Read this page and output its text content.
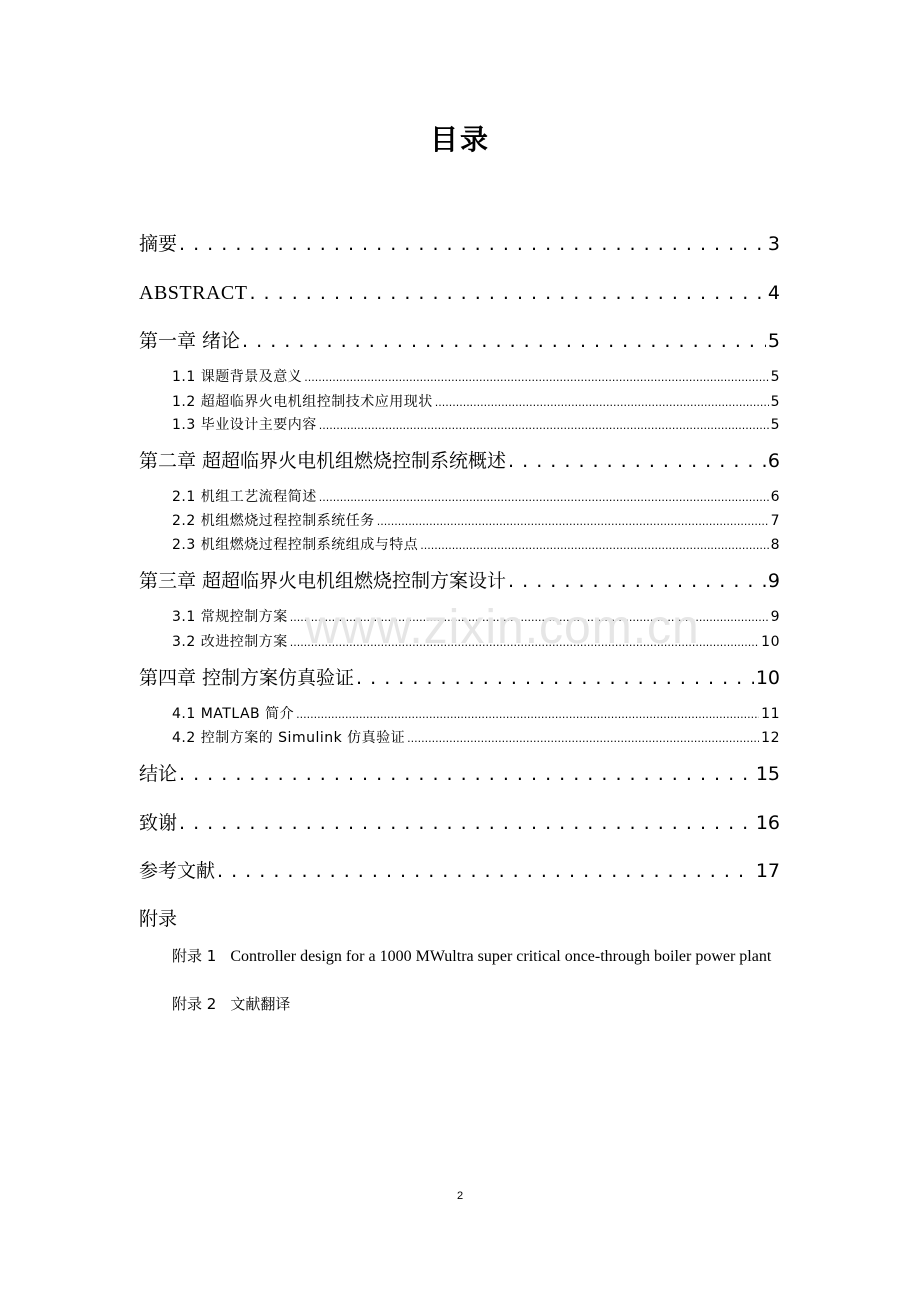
目录
摘要 . . .	3
ABSTRACT . . .	4
第一章 绪论 . . .	5
1.1 课题背景及意义 .....	5
1.2 超超临界火电机组控制技术应用现状 .....	5
1.3 毕业设计主要内容 .....	5
第二章 超超临界火电机组燃烧控制系统概述 . . .	6
2.1 机组工艺流程简述 .....	6
2.2 机组燃烧过程控制系统任务 .....	7
2.3 机组燃烧过程控制系统组成与特点 .....	8
第三章 超超临界火电机组燃烧控制方案设计 . . .	9
3.1 常规控制方案 .....	9
3.2 改进控制方案 .....	10
第四章 控制方案仿真验证 . . .	10
4.1 MATLAB 简介 .....	11
4.2 控制方案的 Simulink 仿真验证 .....	12
结论 . . .	15
致谢 . . .	16
参考文献 . . .	17
附录
附录 1 Controller design for a 1000 MWultra super critical once-through boiler power plant
附录 2 文献翻译
www.zixin.com.cn
2
